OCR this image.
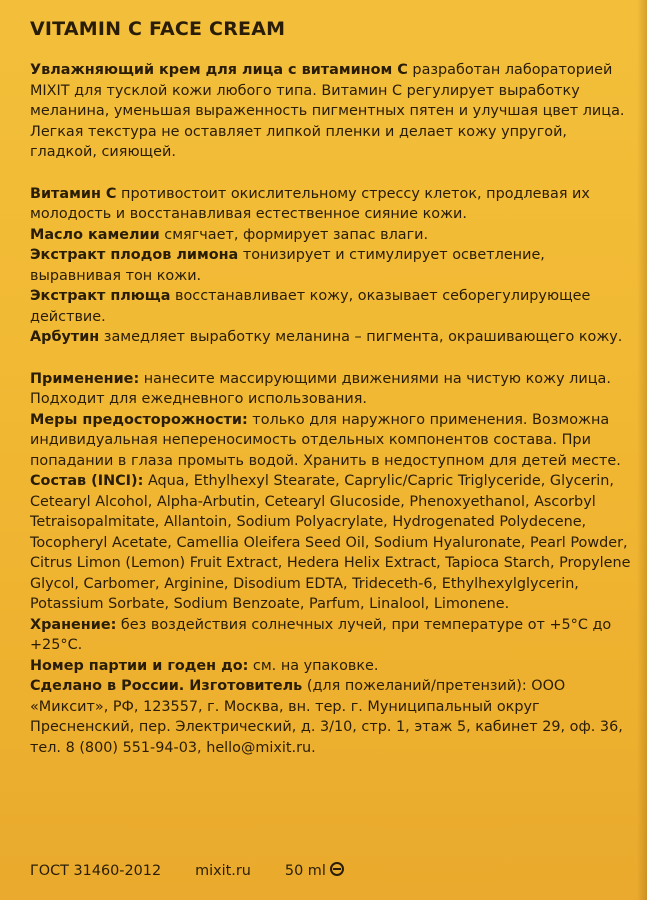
VITAMIN C FACE CREAM

Увлажняющий крем для лица с витамином С разработан лабораторией MIXIT для тусклой кожи любого типа. Витамин С регулирует выработку меланина, уменьшая выраженность пигментных пятен и улучшая цвет лица. Легкая текстура не оставляет липкой пленки и делает кожу упругой, гладкой, сияющей.

Витамин С противостоит окислительному стрессу клеток, продлевая их молодость и восстанавливая естественное сияние кожи.

Масло камелии смягчает, формирует запас влаги.

Экстракт плодов лимона тонизирует и стимулирует осветление, выравнивая тон кожи.

Экстракт плюща восстанавливает кожу, оказывает себорегулирующее действие.

Арбутин замедляет выработку меланина – пигмента, окрашивающего кожу.

Применение: нанесите массирующими движениями на чистую кожу лица. Подходит для ежедневного использования.

Меры предосторожности: только для наружного применения. Возможна индивидуальная непереносимость отдельных компонентов состава. При попадании в глаза промыть водой. Хранить в недоступном для детей месте.

Состав (INCI): Aqua, Ethylhexyl Stearate, Caprylic/Capric Triglyceride, Glycerin, Cetearyl Alcohol, Alpha-Arbutin, Cetearyl Glucoside, Phenoxyethanol, Ascorbyl Tetraisopalmitate, Allantoin, Sodium Polyacrylate, Hydrogenated Polydecene, Tocopheryl Acetate, Camellia Oleifera Seed Oil, Sodium Hyaluronate, Pearl Powder, Citrus Limon (Lemon) Fruit Extract, Hedera Helix Extract, Tapioca Starch, Propylene Glycol, Carbomer, Arginine, Disodium EDTA, Trideceth-6, Ethylhexylglycerin, Potassium Sorbate, Sodium Benzoate, Parfum, Linalool, Limonene.

Хранение: без воздействия солнечных лучей, при температуре от +5°С до +25°С.

Номер партии и годен до: см. на упаковке.

Сделано в России. Изготовитель (для пожеланий/претензий): ООО «Миксит», РФ, 123557, г. Москва, вн. тер. г. Муниципальный округ Пресненский, пер. Электрический, д. 3/10, стр. 1, этаж 5, кабинет 29, оф. 36, тел. 8 (800) 551-94-03, hello@mixit.ru.

ГОСТ 31460-2012 mixit.ru 50 ml
